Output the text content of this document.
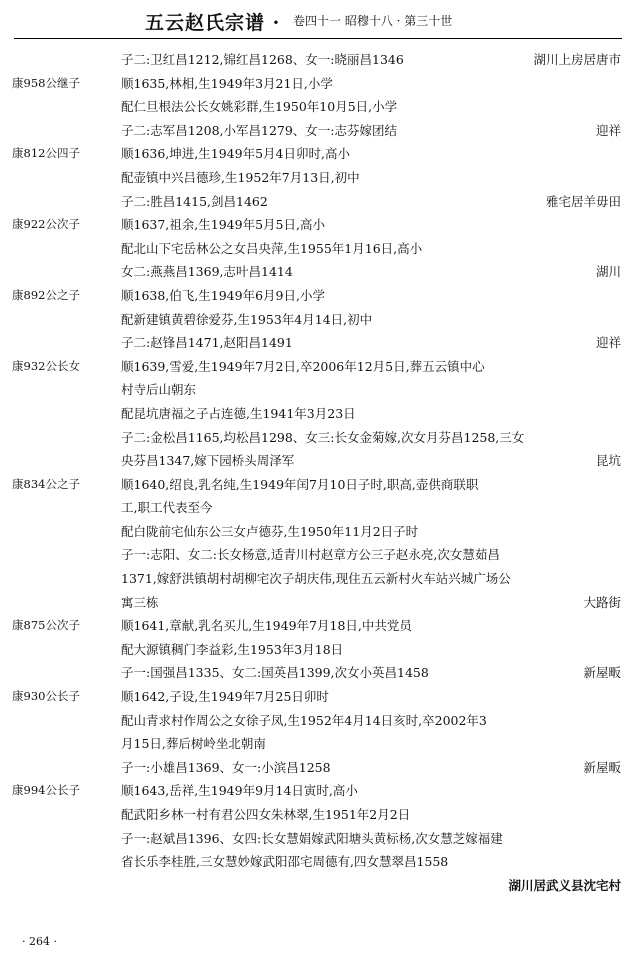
五云赵氏宗谱 · 卷四十一 昭穆十八 · 第三十世
子二:卫红昌1212,锦红昌1268、女一:晓丽昌1346	湖川上房居唐市
康958公继子	顺1635,林相,生1949年3月21日,小学
配仁旦根法公长女姚彩群,生1950年10月5日,小学
子二:志军昌1208,小军昌1279、女一:志芬嫁团结	迎祥
康812公四子	顺1636,坤进,生1949年5月4日卯时,高小
配壶镇中兴吕德珍,生1952年7月13日,初中
子二:胜昌1415,剑昌1462	雅宅居羊毋田
康922公次子	顺1637,祖余,生1949年5月5日,高小
配北山下宅岳林公之女吕央萍,生1955年1月16日,高小
女二:燕燕昌1369,志叶昌1414	湖川
康892公之子	顺1638,伯飞,生1949年6月9日,小学
配新建镇黄碧徐爱芬,生1953年4月14日,初中
子二:赵锋昌1471,赵阳昌1491	迎祥
康932公长女	顺1639,雪爱,生1949年7月2日,卒2006年12月5日,葬五云镇中心
村寺后山朝东
配昆坑唐福之子占连德,生1941年3月23日
子二:金松昌1165,均松昌1298、女三:长女金菊嫁,次女月芬昌1258,三女
央芬昌1347,嫁下园桥头周泽军	昆坑
康834公之子	顺1640,绍良,乳名纯,生1949年闰7月10日子时,职高,壶供商联职
工,职工代表至今
配白陇前宅仙东公三女卢德芬,生1950年11月2日子时
子一:志阳、女二:长女杨意,适青川村赵章方公三子赵永亮,次女慧茹昌
1371,嫁舒洪镇胡村胡柳宅次子胡庆伟,现住五云新村火车站兴城广场公
寓三栋	大路街
康875公次子	顺1641,章献,乳名买儿,生1949年7月18日,中共党员
配大源镇稠门李益彩,生1953年3月18日
子一:国强昌1335、女二:国英昌1399,次女小英昌1458	新屋畈
康930公长子	顺1642,子设,生1949年7月25日卯时
配山青求村作周公之女徐子凤,生1952年4月14日亥时,卒2002年3
月15日,葬后树岭坐北朝南
子一:小雄昌1369、女一:小滨昌1258	新屋畈
康994公长子	顺1643,岳祥,生1949年9月14日寅时,高小
配武阳乡林一村有君公四女朱林翠,生1951年2月2日
子一:赵斌昌1396、女四:长女慧娟嫁武阳塘头黄标杨,次女慧芝嫁福建
省长乐李桂胜,三女慧妙嫁武阳邵宅周德有,四女慧翠昌1558
湖川居武义县沈宅村
· 264 ·
